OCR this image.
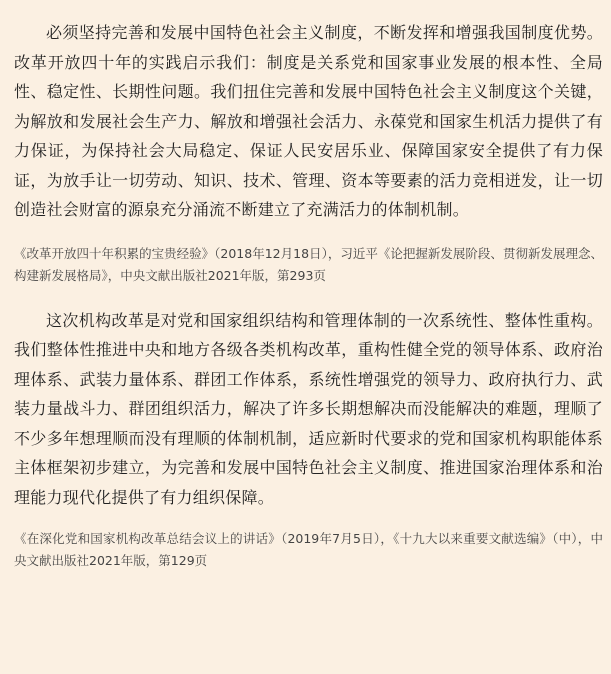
必须坚持完善和发展中国特色社会主义制度，不断发挥和增强我国制度优势。改革开放四十年的实践启示我们：制度是关系党和国家事业发展的根本性、全局性、稳定性、长期性问题。我们扭住完善和发展中国特色社会主义制度这个关键，为解放和发展社会生产力、解放和增强社会活力、永葆党和国家生机活力提供了有力保证，为保持社会大局稳定、保证人民安居乐业、保障国家安全提供了有力保证，为放手让一切劳动、知识、技术、管理、资本等要素的活力竞相迸发，让一切创造社会财富的源泉充分涌流不断建立了充满活力的体制机制。

《改革开放四十年积累的宝贵经验》（2018年12月18日），习近平《论把握新发展阶段、贯彻新发展理念、构建新发展格局》，中央文献出版社2021年版，第293页

这次机构改革是对党和国家组织结构和管理体制的一次系统性、整体性重构。我们整体性推进中央和地方各级各类机构改革，重构性健全党的领导体系、政府治理体系、武装力量体系、群团工作体系，系统性增强党的领导力、政府执行力、武装力量战斗力、群团组织活力，解决了许多长期想解决而没能解决的难题，理顺了不少多年想理顺而没有理顺的体制机制，适应新时代要求的党和国家机构职能体系主体框架初步建立，为完善和发展中国特色社会主义制度、推进国家治理体系和治理能力现代化提供了有力组织保障。

《在深化党和国家机构改革总结会议上的讲话》（2019年7月5日），《十九大以来重要文献选编》（中），中央文献出版社2021年版，第129页
